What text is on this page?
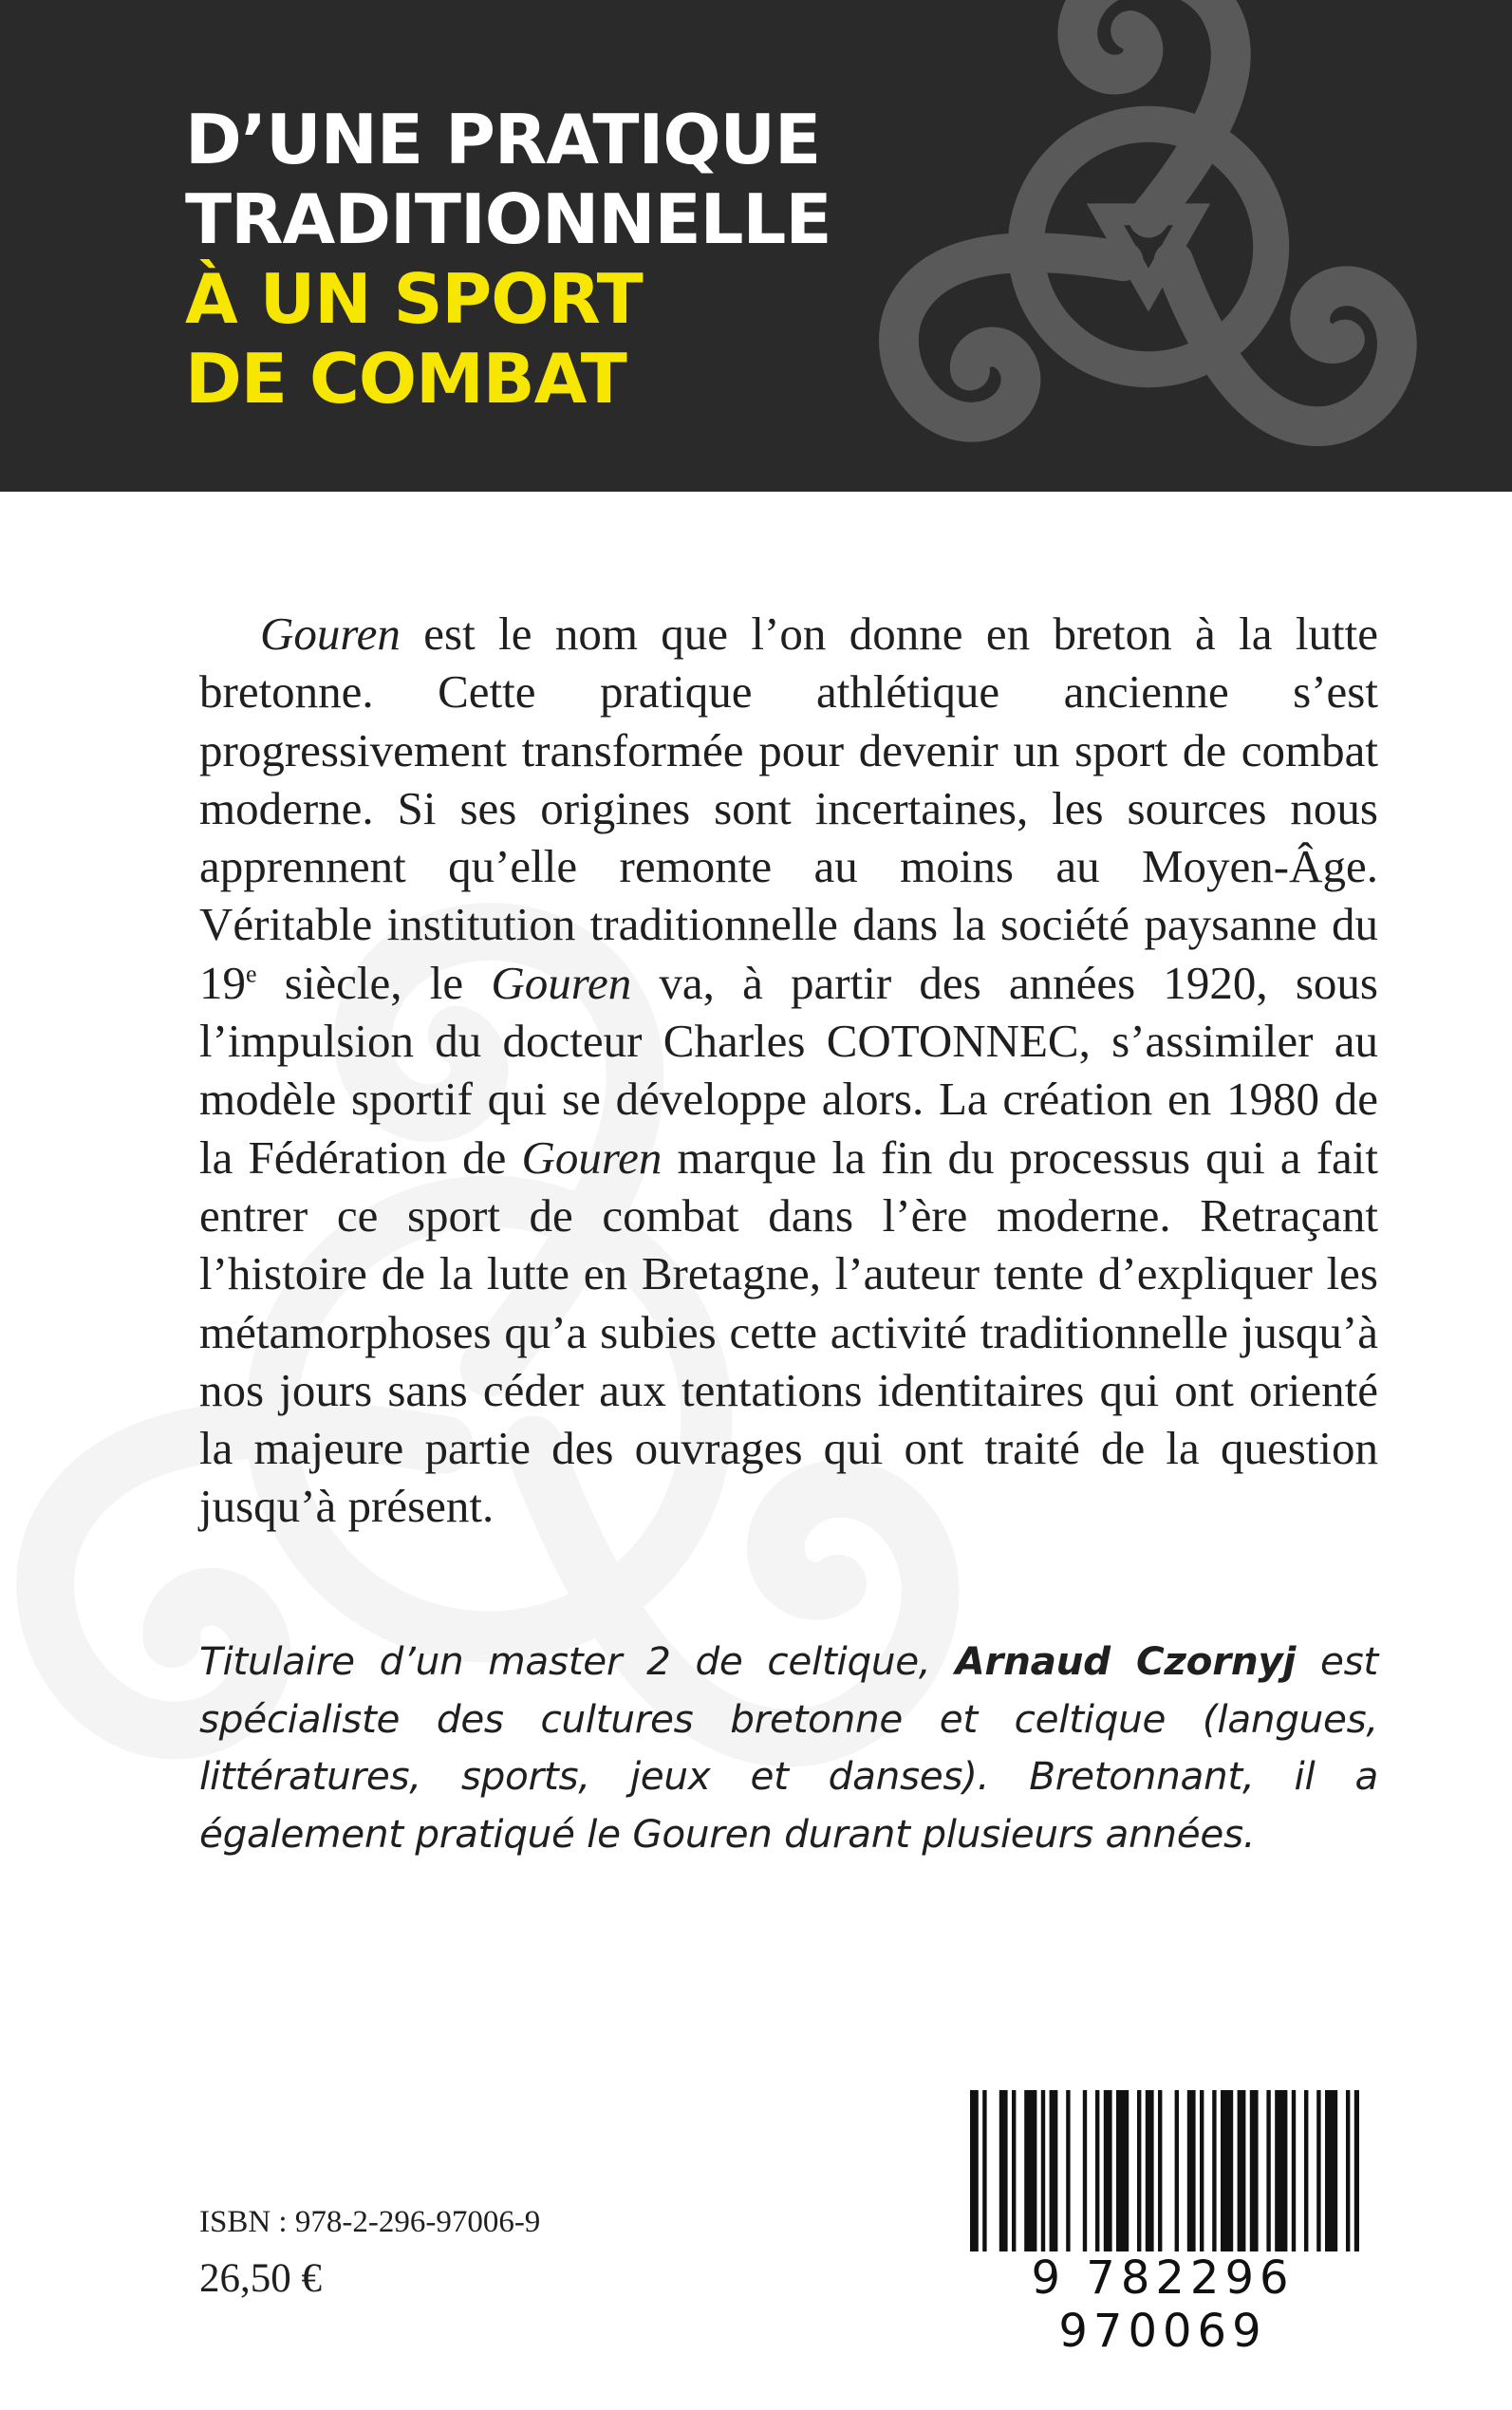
D’UNE PRATIQUE
TRADITIONNELLE
À UN SPORT
DE COMBAT

Gouren est le nom que l’on donne en breton à la lutte bretonne. Cette pratique athlétique ancienne s’est progressivement transformée pour devenir un sport de combat moderne. Si ses origines sont incertaines, les sources nous apprennent qu’elle remonte au moins au Moyen-Âge. Véritable institution traditionnelle dans la société paysanne du 19e siècle, le Gouren va, à partir des années 1920, sous l’impulsion du docteur Charles COTONNEC, s’assimiler au modèle sportif qui se développe alors. La création en 1980 de la Fédération de Gouren marque la fin du processus qui a fait entrer ce sport de combat dans l’ère moderne. Retraçant l’histoire de la lutte en Bretagne, l’auteur tente d’expliquer les métamorphoses qu’a subies cette activité traditionnelle jusqu’à nos jours sans céder aux tentations identitaires qui ont orienté la majeure partie des ouvrages qui ont traité de la question jusqu’à présent.

Titulaire d’un master 2 de celtique, Arnaud Czornyj est spécialiste des cultures bretonne et celtique (langues, littératures, sports, jeux et danses). Bretonnant, il a également pratiqué le Gouren durant plusieurs années.

ISBN : 978-2-296-97006-9
26,50 €	9 782296 970069
